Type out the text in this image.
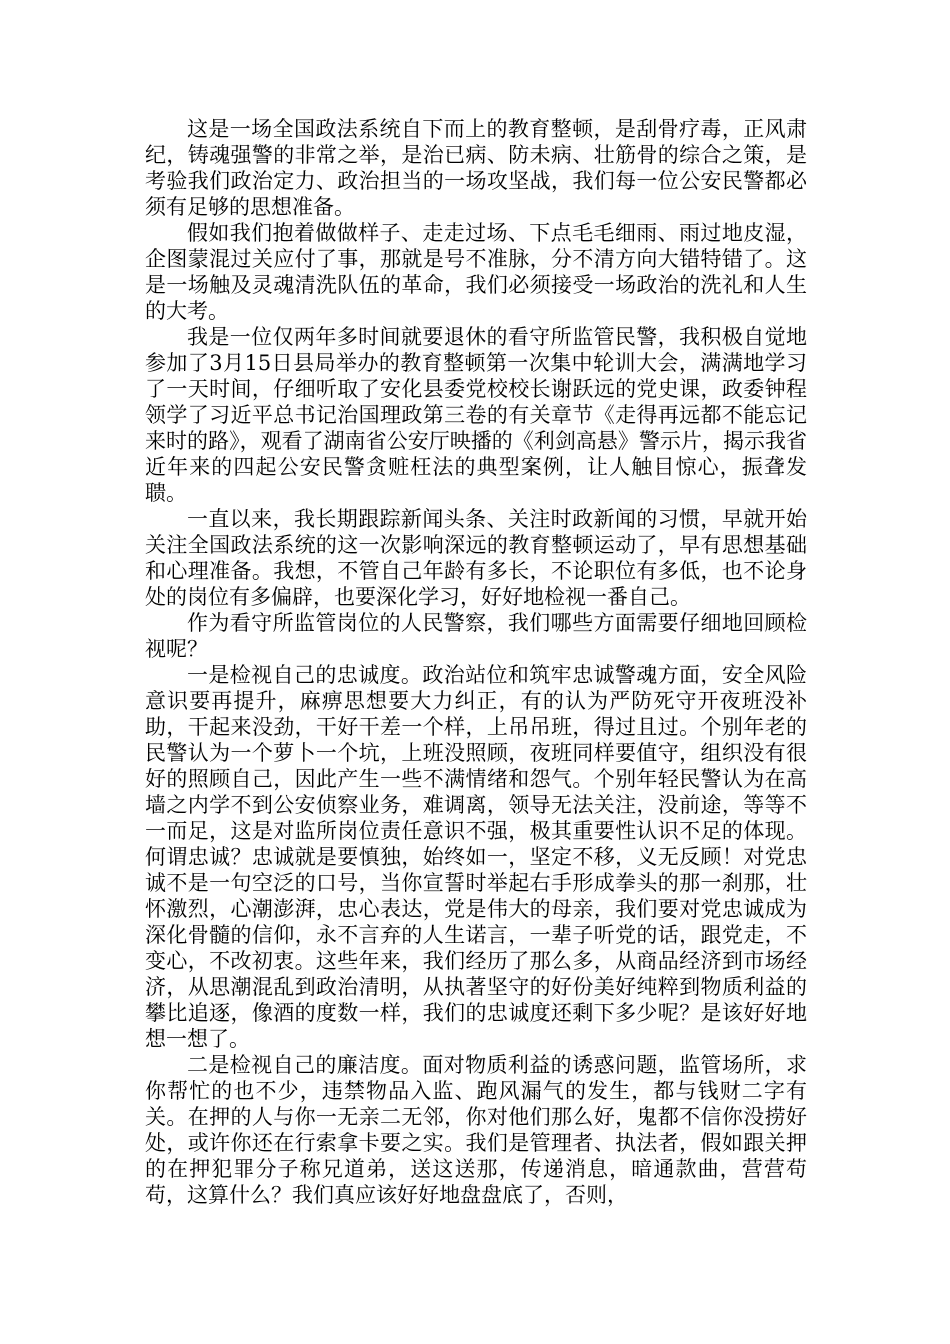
这是一场全国政法系统自下而上的教育整顿，是刮骨疗毒，正风肃纪，铸魂强警的非常之举，是治已病、防未病、壮筋骨的综合之策，是考验我们政治定力、政治担当的一场攻坚战，我们每一位公安民警都必须有足够的思想准备。

假如我们抱着做做样子、走走过场、下点毛毛细雨、雨过地皮湿，企图蒙混过关应付了事，那就是号不准脉，分不清方向大错特错了。这是一场触及灵魂清洗队伍的革命，我们必须接受一场政治的洗礼和人生的大考。

我是一位仅两年多时间就要退休的看守所监管民警，我积极自觉地参加了3月15日县局举办的教育整顿第一次集中轮训大会，满满地学习了一天时间，仔细听取了安化县委党校校长谢跃远的党史课，政委钟程领学了习近平总书记治国理政第三卷的有关章节《走得再远都不能忘记来时的路》，观看了湖南省公安厅映播的《利剑高悬》警示片，揭示我省近年来的四起公安民警贪赃枉法的典型案例，让人触目惊心，振聋发聩。

一直以来，我长期跟踪新闻头条、关注时政新闻的习惯，早就开始关注全国政法系统的这一次影响深远的教育整顿运动了，早有思想基础和心理准备。我想，不管自己年龄有多长，不论职位有多低，也不论身处的岗位有多偏辟，也要深化学习，好好地检视一番自己。

作为看守所监管岗位的人民警察，我们哪些方面需要仔细地回顾检视呢？

一是检视自己的忠诚度。政治站位和筑牢忠诚警魂方面，安全风险意识要再提升，麻痹思想要大力纠正，有的认为严防死守开夜班没补助，干起来没劲，干好干差一个样，上吊吊班，得过且过。个别年老的民警认为一个萝卜一个坑，上班没照顾，夜班同样要值守，组织没有很好的照顾自己，因此产生一些不满情绪和怨气。个别年轻民警认为在高墙之内学不到公安侦察业务，难调离，领导无法关注，没前途，等等不一而足，这是对监所岗位责任意识不强，极其重要性认识不足的体现。何谓忠诚？忠诚就是要慎独，始终如一，坚定不移，义无反顾！对党忠诚不是一句空泛的口号，当你宣誓时举起右手形成拳头的那一刹那，壮怀激烈，心潮澎湃，忠心表达，党是伟大的母亲，我们要对党忠诚成为深化骨髓的信仰，永不言弃的人生诺言，一辈子听党的话，跟党走，不变心，不改初衷。这些年来，我们经历了那么多，从商品经济到市场经济，从思潮混乱到政治清明，从执著坚守的好份美好纯粹到物质利益的攀比追逐，像酒的度数一样，我们的忠诚度还剩下多少呢？是该好好地想一想了。

二是检视自己的廉洁度。面对物质利益的诱惑问题，监管场所，求你帮忙的也不少，违禁物品入监、跑风漏气的发生，都与钱财二字有关。在押的人与你一无亲二无邻，你对他们那么好，鬼都不信你没捞好处，或许你还在行索拿卡要之实。我们是管理者、执法者，假如跟关押的在押犯罪分子称兄道弟，送这送那，传递消息，暗通款曲，营营苟苟，这算什么？我们真应该好好地盘盘底了，否则，
